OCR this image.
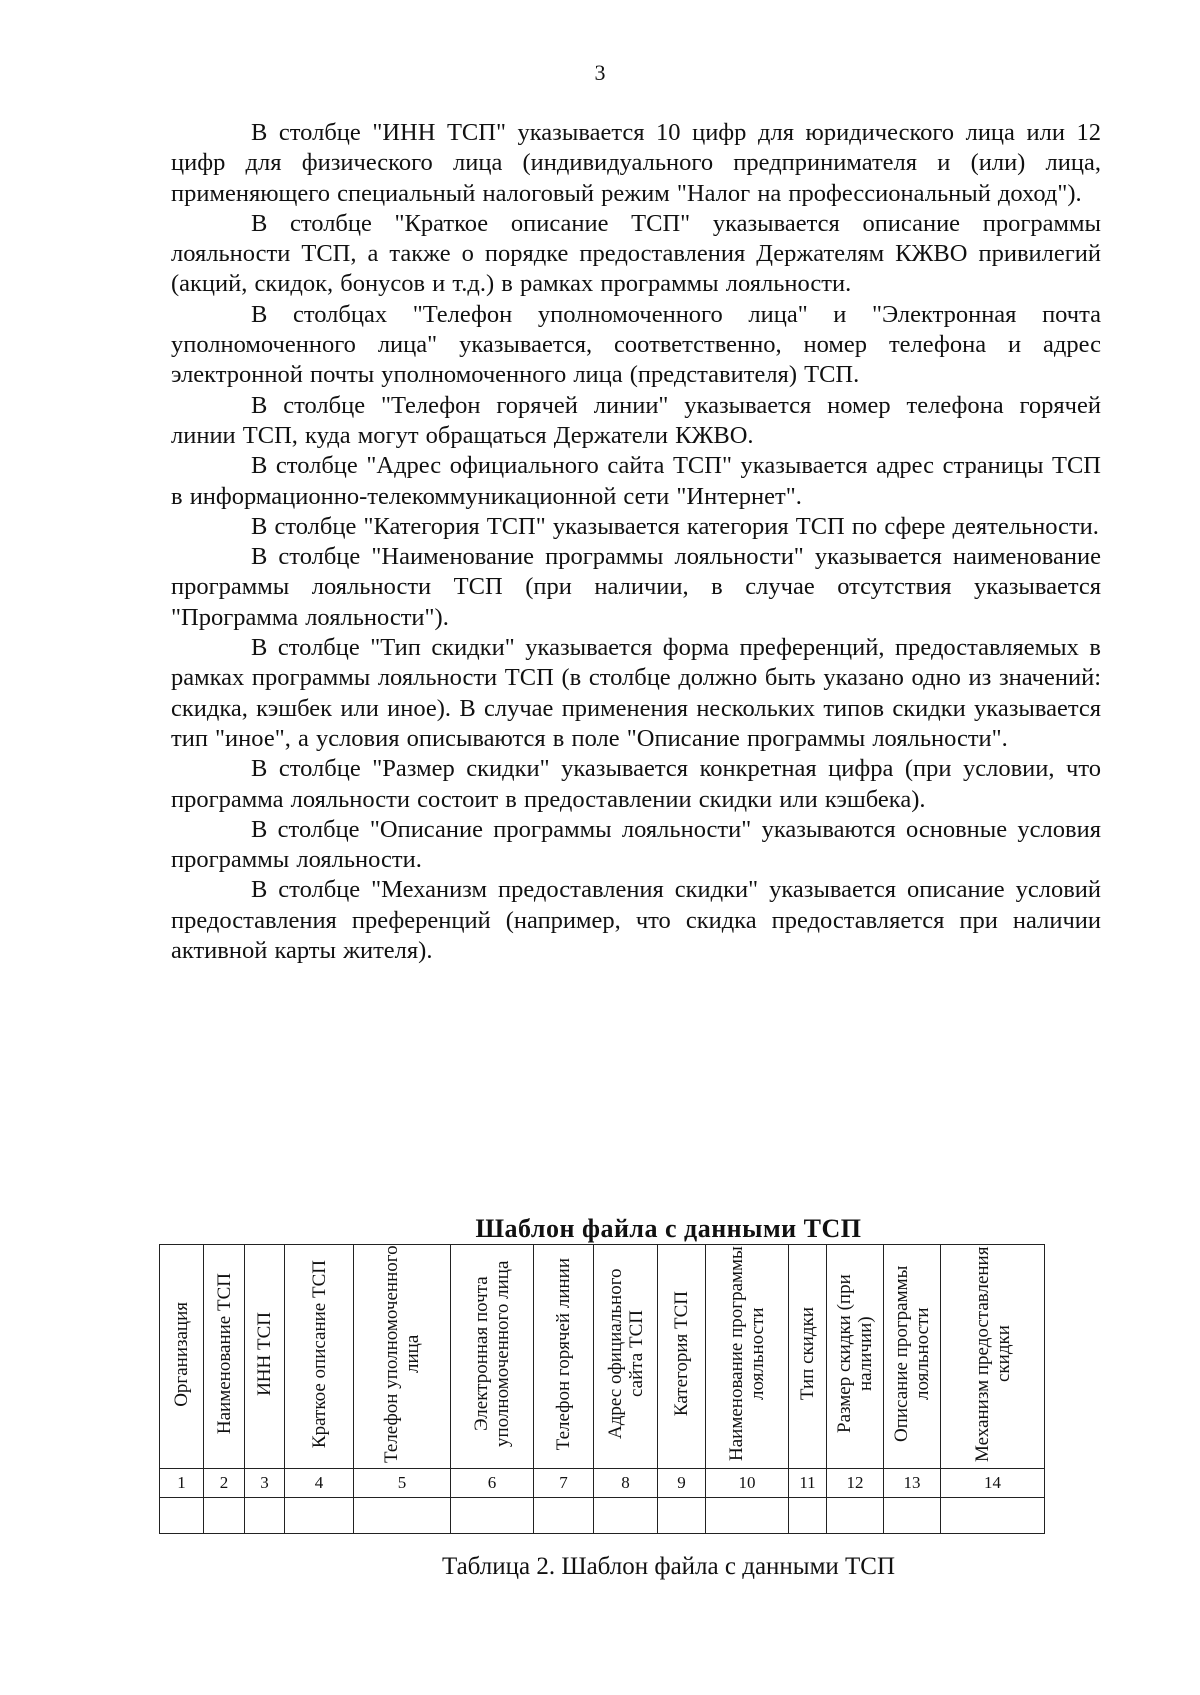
3

В столбце "ИНН ТСП" указывается 10 цифр для юридического лица или 12 цифр для физического лица (индивидуального предпринимателя и (или) лица, применяющего специальный налоговый режим "Налог на профессиональный доход").

В столбце "Краткое описание ТСП" указывается описание программы лояльности ТСП, а также о порядке предоставления Держателям КЖВО привилегий (акций, скидок, бонусов и т.д.) в рамках программы лояльности.

В столбцах "Телефон уполномоченного лица" и "Электронная почта уполномоченного лица" указывается, соответственно, номер телефона и адрес электронной почты уполномоченного лица (представителя) ТСП.

В столбце "Телефон горячей линии" указывается номер телефона горячей линии ТСП, куда могут обращаться Держатели КЖВО.

В столбце "Адрес официального сайта ТСП" указывается адрес страницы ТСП в информационно-телекоммуникационной сети "Интернет".

В столбце "Категория ТСП" указывается категория ТСП по сфере деятельности.

В столбце "Наименование программы лояльности" указывается наименование программы лояльности ТСП (при наличии, в случае отсутствия указывается "Программа лояльности").

В столбце "Тип скидки" указывается форма преференций, предоставляемых в рамках программы лояльности ТСП (в столбце должно быть указано одно из значений: скидка, кэшбек или иное). В случае применения нескольких типов скидки указывается тип "иное", а условия описываются в поле "Описание программы лояльности".

В столбце "Размер скидки" указывается конкретная цифра (при условии, что программа лояльности состоит в предоставлении скидки или кэшбека).

В столбце "Описание программы лояльности" указываются основные условия программы лояльности.

В столбце "Механизм предоставления скидки" указывается описание условий предоставления преференций (например, что скидка предоставляется при наличии активной карты жителя).

Шаблон файла с данными ТСП
Организация	Наименование ТСП	ИНН ТСП	Краткое описание ТСП	Телефон уполномоченного лица	Электронная почта уполномоченного лица	Телефон горячей линии	Адрес официального сайта ТСП	Категория ТСП	Наименование программы лояльности	Тип скидки	Размер скидки (при наличии)	Описание программы лояльности	Механизм предоставления скидки
1	2	3	4	5	6	7	8	9	10	11	12	13	14

Таблица 2. Шаблон файла с данными ТСП
